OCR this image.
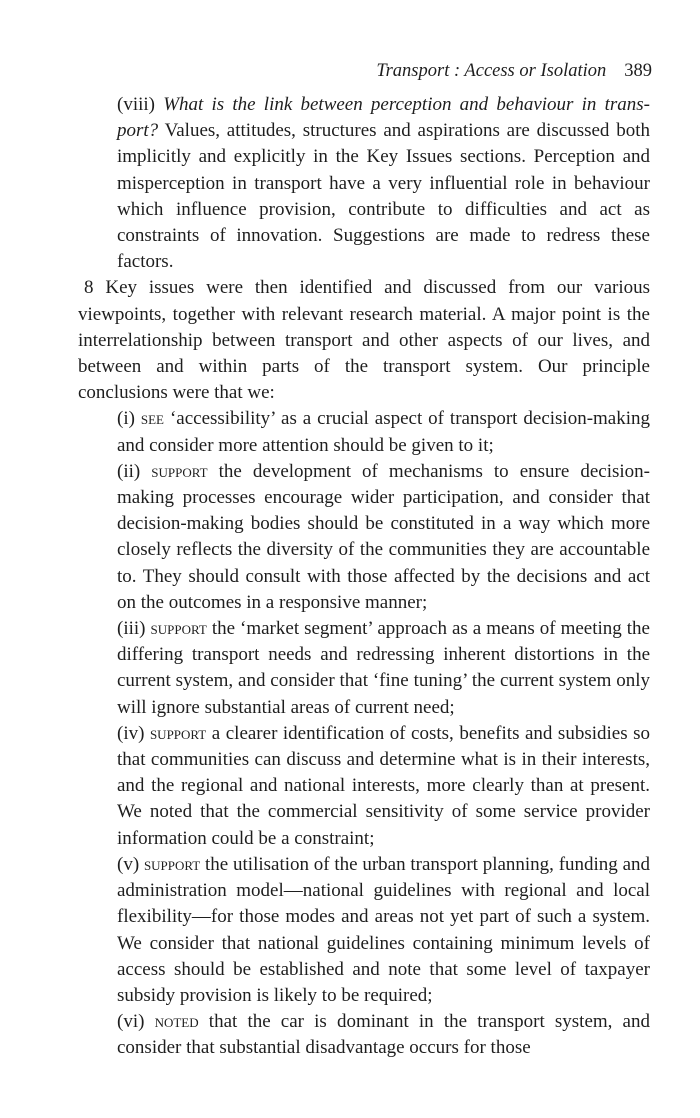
Transport : Access or Isolation 389

(viii) What is the link between perception and behaviour in transport? Values, attitudes, structures and aspirations are discussed both implicitly and explicitly in the Key Issues sections. Perception and misperception in transport have a very influential role in behaviour which influence provision, contribute to difficulties and act as constraints of innovation. Suggestions are made to redress these factors.

8 Key issues were then identified and discussed from our various viewpoints, together with relevant research material. A major point is the interrelationship between transport and other aspects of our lives, and between and within parts of the transport system. Our principle conclusions were that we:

(i) see ‘accessibility’ as a crucial aspect of transport decision-making and consider more attention should be given to it;

(ii) support the development of mechanisms to ensure decision-making processes encourage wider participation, and consider that decision-making bodies should be constituted in a way which more closely reflects the diversity of the communities they are accountable to. They should consult with those affected by the decisions and act on the outcomes in a responsive manner;

(iii) support the ‘market segment’ approach as a means of meeting the differing transport needs and redressing inherent distortions in the current system, and consider that ‘fine tuning’ the current system only will ignore substantial areas of current need;

(iv) support a clearer identification of costs, benefits and subsidies so that communities can discuss and determine what is in their interests, and the regional and national interests, more clearly than at present. We noted that the commercial sensitivity of some service provider information could be a constraint;

(v) support the utilisation of the urban transport planning, funding and administration model—national guidelines with regional and local flexibility—for those modes and areas not yet part of such a system. We consider that national guidelines containing minimum levels of access should be established and note that some level of taxpayer subsidy provision is likely to be required;

(vi) noted that the car is dominant in the transport system, and consider that substantial disadvantage occurs for those
